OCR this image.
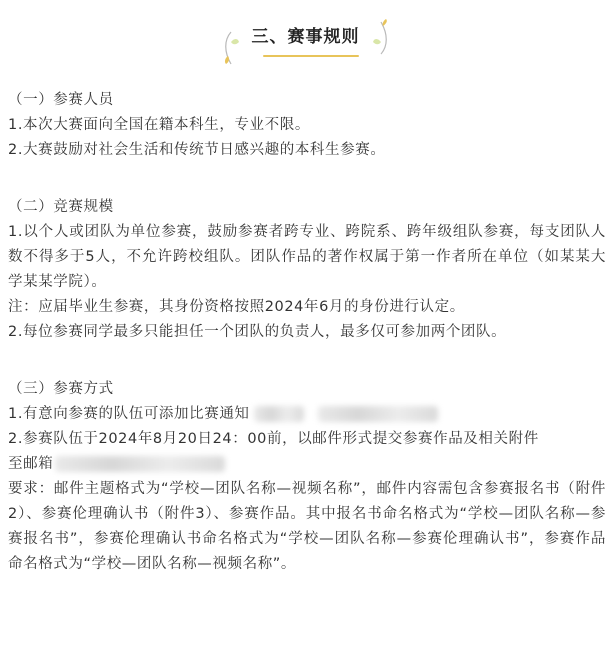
三、赛事规则

（一）参赛人员

1.本次大赛面向全国在籍本科生，专业不限。

2.大赛鼓励对社会生活和传统节日感兴趣的本科生参赛。

（二）竞赛规模

1.以个人或团队为单位参赛，鼓励参赛者跨专业、跨院系、跨年级组队参赛，每支团队人数不得多于5人，不允许跨校组队。团队作品的著作权属于第一作者所在单位（如某某大学某某学院）。

注：应届毕业生参赛，其身份资格按照2024年6月的身份进行认定。

2.每位参赛同学最多只能担任一个团队的负责人，最多仅可参加两个团队。

（三）参赛方式

1.有意向参赛的队伍可添加比赛通知

2.参赛队伍于2024年8月20日24：00前，以邮件形式提交参赛作品及相关附件

至邮箱

要求：邮件主题格式为“学校—团队名称—视频名称”，邮件内容需包含参赛报名书（附件2）、参赛伦理确认书（附件3）、参赛作品。其中报名书命名格式为“学校—团队名称—参赛报名书”，参赛伦理确认书命名格式为“学校—团队名称—参赛伦理确认书”，参赛作品命名格式为“学校—团队名称—视频名称”。
